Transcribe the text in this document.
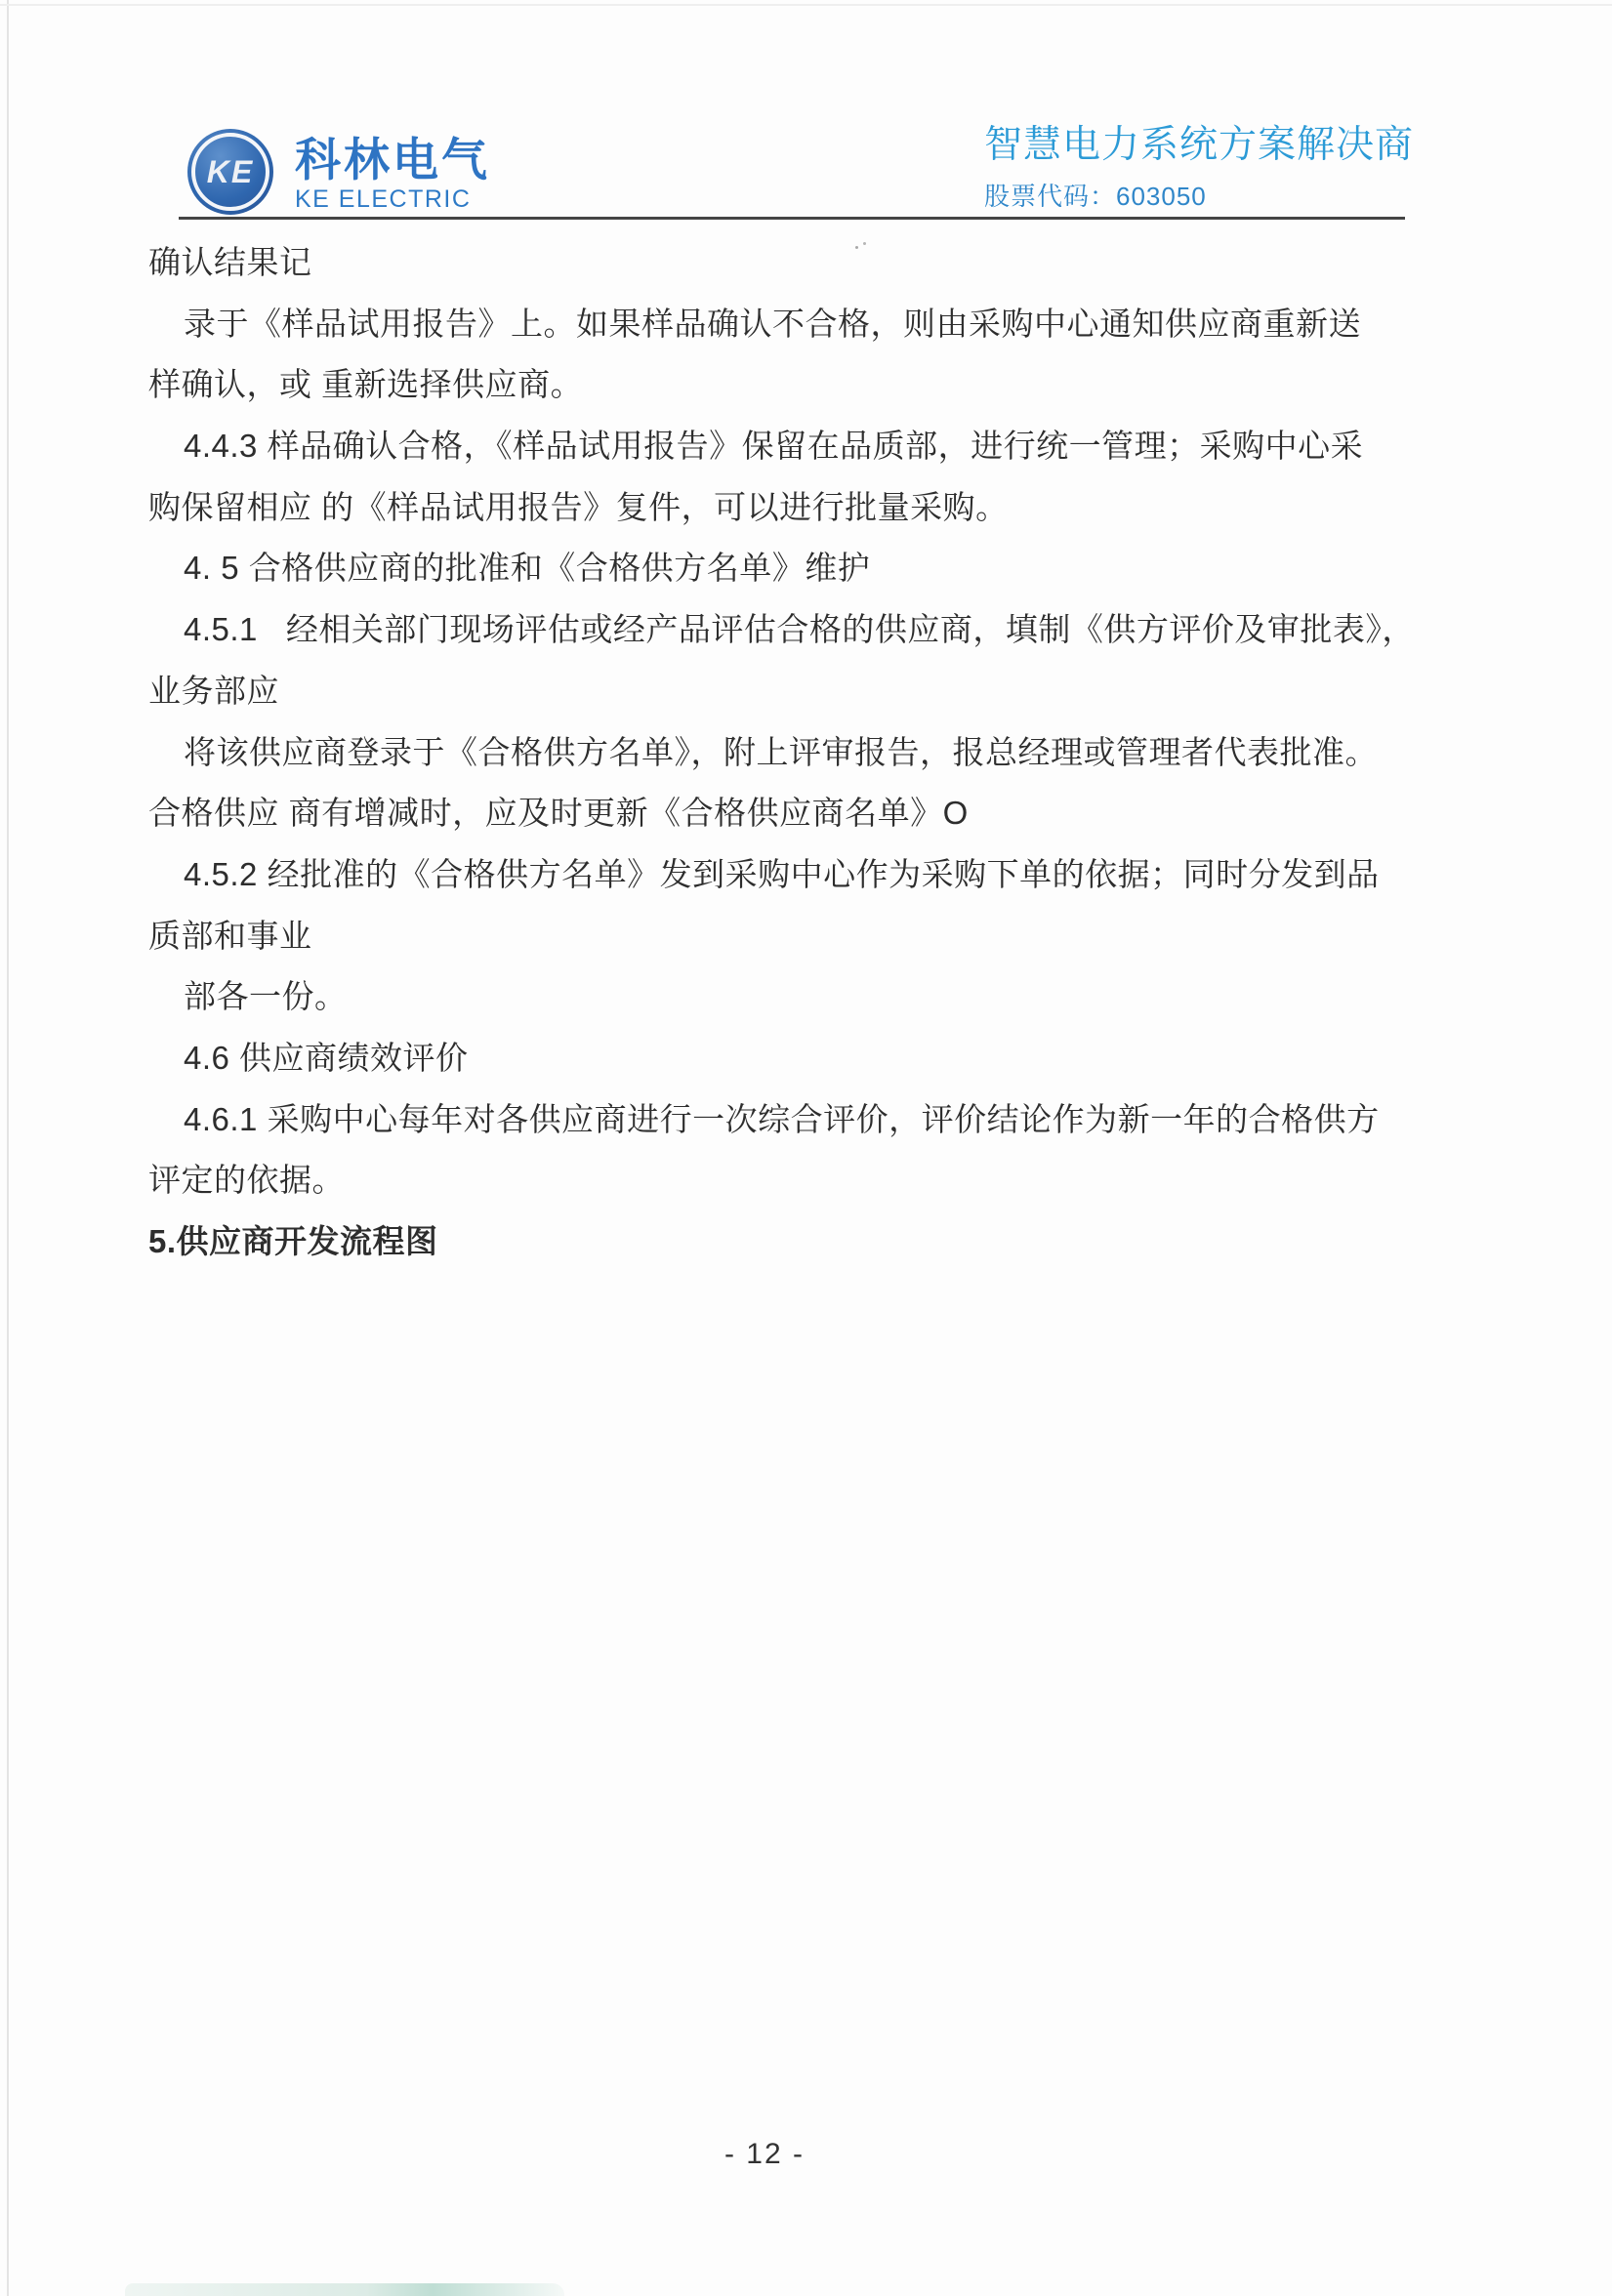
KE 科林电气
KE ELECTRIC
智慧电力系统方案解决商
股票代码：603050
确认结果记
录于《样品试用报告》上。如果样品确认不合格，则由采购中心通知供应商重新送
样确认，或 重新选择供应商。
4.4.3 样品确认合格，《样品试用报告》保留在品质部，进行统一管理；采购中心采
购保留相应 的《样品试用报告》复件，可以进行批量采购。
4. 5 合格供应商的批准和《合格供方名单》维护
4.5.1   经相关部门现场评估或经产品评估合格的供应商，填制《供方评价及审批表》，
业务部应
将该供应商登录于《合格供方名单》，附上评审报告，报总经理或管理者代表批准。
合格供应 商有增减时，应及时更新《合格供应商名单》O
4.5.2 经批准的《合格供方名单》发到采购中心作为采购下单的依据；同时分发到品
质部和事业
部各一份。
4.6 供应商绩效评价
4.6.1 采购中心每年对各供应商进行一次综合评价，评价结论作为新一年的合格供方
评定的依据。
5.供应商开发流程图
- 12 -
